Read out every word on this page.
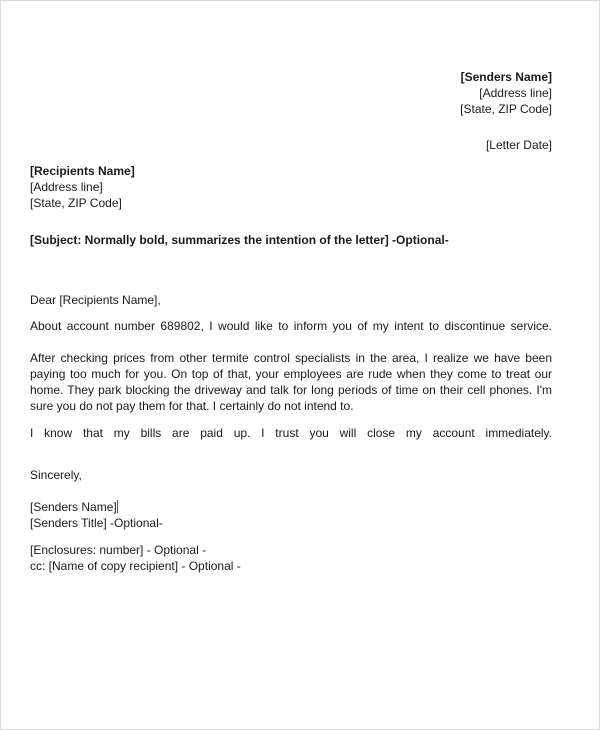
[Senders Name]
[Address line]
[State, ZIP Code]
[Letter Date]
[Recipients Name]
[Address line]
[State, ZIP Code]
[Subject: Normally bold, summarizes the intention of the letter] -Optional-
Dear [Recipients Name],
About account number 689802, I would like to inform you of my intent to discontinue service.
After checking prices from other termite control specialists in the area, I realize we have been paying too much for you. On top of that, your employees are rude when they come to treat our home. They park blocking the driveway and talk for long periods of time on their cell phones. I'm sure you do not pay them for that. I certainly do not intend to.
I know that my bills are paid up. I trust you will close my account immediately.
Sincerely,
[Senders Name]
[Senders Title] -Optional-
[Enclosures: number] - Optional -
cc: [Name of copy recipient] - Optional -
